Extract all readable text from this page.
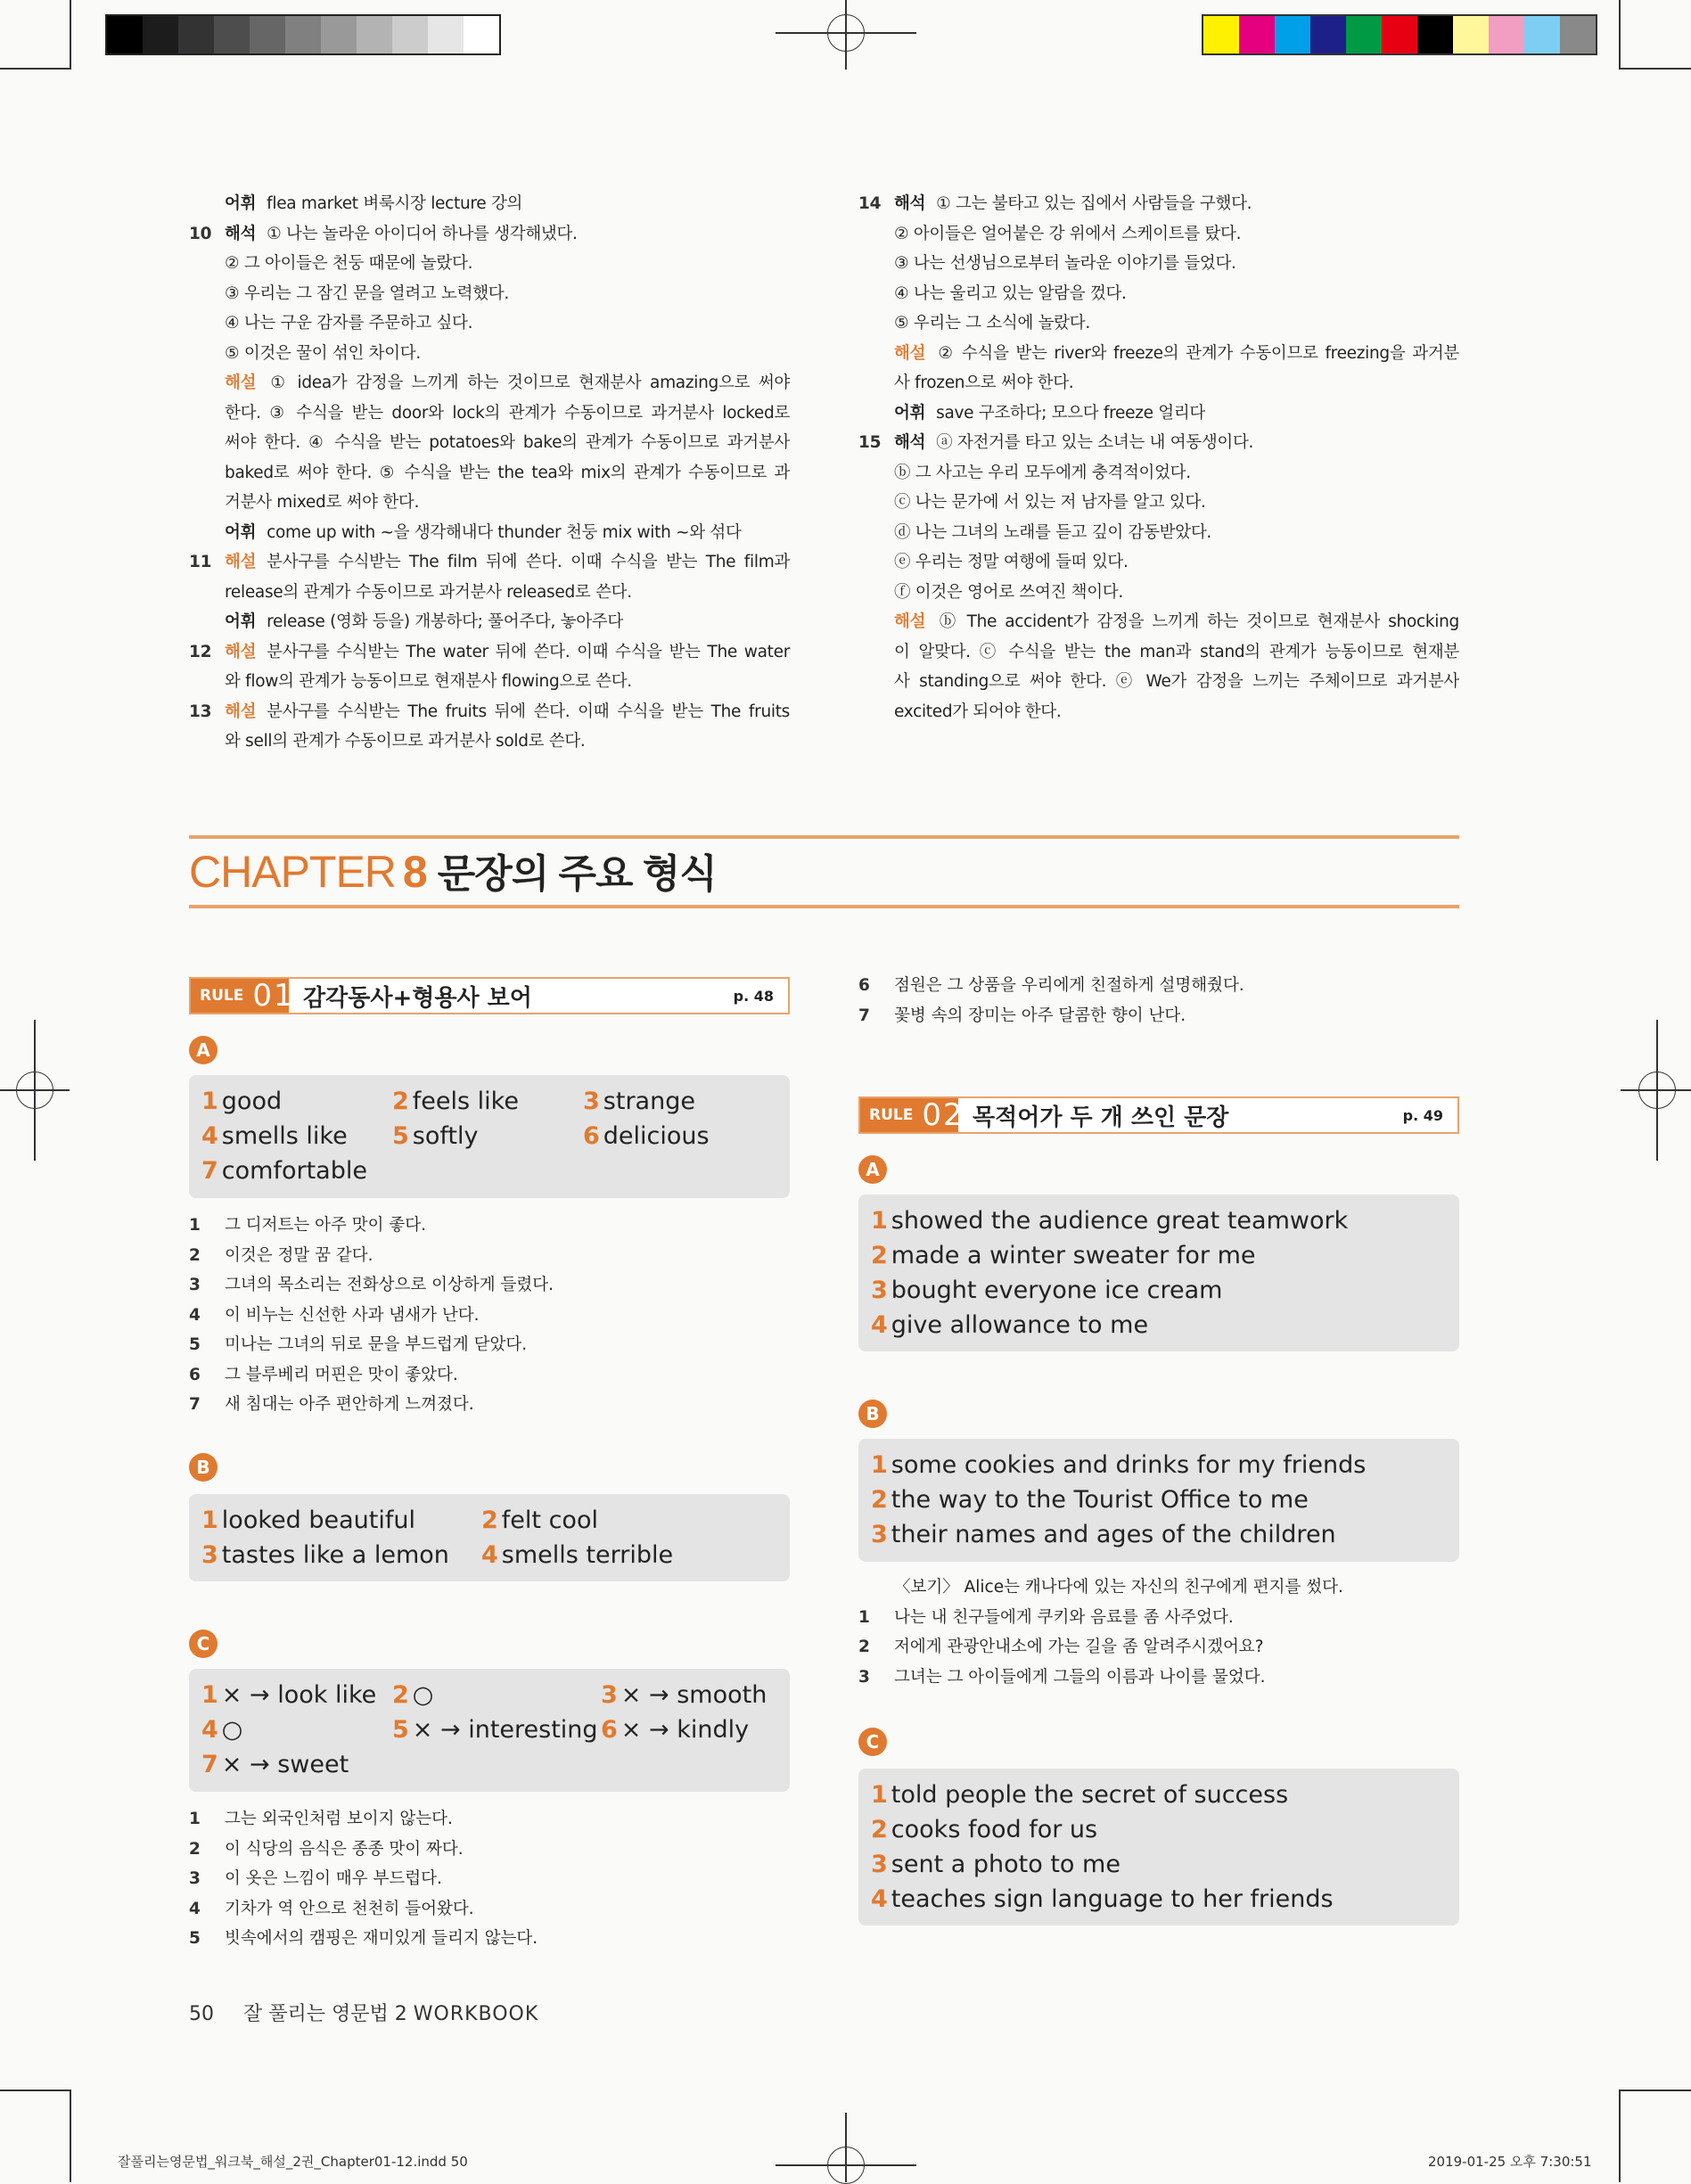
어휘 flea market 벼룩시장 lecture 강의
10 해석 ① 나는 놀라운 아이디어 하나를 생각해냈다.
② 그 아이들은 천둥 때문에 놀랐다.
③ 우리는 그 잠긴 문을 열려고 노력했다.
④ 나는 구운 감자를 주문하고 싶다.
⑤ 이것은 꿀이 섞인 차이다.
해설 ① idea가 감정을 느끼게 하는 것이므로 현재분사 amazing으로 써야
한다. ③ 수식을 받는 door와 lock의 관계가 수동이므로 과거분사 locked로
써야 한다. ④ 수식을 받는 potatoes와 bake의 관계가 수동이므로 과거분사
baked로 써야 한다. ⑤ 수식을 받는 the tea와 mix의 관계가 수동이므로 과
거분사 mixed로 써야 한다.
어휘 come up with ~을 생각해내다 thunder 천둥 mix with ~와 섞다
11 해설 분사구를 수식받는 The film 뒤에 쓴다. 이때 수식을 받는 The film과
release의 관계가 수동이므로 과거분사 released로 쓴다.
어휘 release (영화 등을) 개봉하다; 풀어주다, 놓아주다
12 해설 분사구를 수식받는 The water 뒤에 쓴다. 이때 수식을 받는 The water
와 flow의 관계가 능동이므로 현재분사 flowing으로 쓴다.
13 해설 분사구를 수식받는 The fruits 뒤에 쓴다. 이때 수식을 받는 The fruits
와 sell의 관계가 수동이므로 과거분사 sold로 쓴다.
14 해석 ① 그는 불타고 있는 집에서 사람들을 구했다.
② 아이들은 얼어붙은 강 위에서 스케이트를 탔다.
③ 나는 선생님으로부터 놀라운 이야기를 들었다.
④ 나는 울리고 있는 알람을 껐다.
⑤ 우리는 그 소식에 놀랐다.
해설 ② 수식을 받는 river와 freeze의 관계가 수동이므로 freezing을 과거분
사 frozen으로 써야 한다.
어휘 save 구조하다; 모으다 freeze 얼리다
15 해석 ⓐ 자전거를 타고 있는 소녀는 내 여동생이다.
ⓑ 그 사고는 우리 모두에게 충격적이었다.
ⓒ 나는 문가에 서 있는 저 남자를 알고 있다.
ⓓ 나는 그녀의 노래를 듣고 깊이 감동받았다.
ⓔ 우리는 정말 여행에 들떠 있다.
ⓕ 이것은 영어로 쓰여진 책이다.
해설 ⓑ The accident가 감정을 느끼게 하는 것이므로 현재분사 shocking
이 알맞다. ⓒ 수식을 받는 the man과 stand의 관계가 능동이므로 현재분
사 standing으로 써야 한다. ⓔ We가 감정을 느끼는 주체이므로 과거분사
excited가 되어야 한다.
CHAPTER 8 문장의 주요 형식
RULE 01 감각동사+형용사 보어	p. 48
A
1 good	2 feels like	3 strange
4 smells like 5 softly	6 delicious
7 comfortable
1 그 디저트는 아주 맛이 좋다.
2 이것은 정말 꿈 같다.
3 그녀의 목소리는 전화상으로 이상하게 들렸다.
4 이 비누는 신선한 사과 냄새가 난다.
5 미나는 그녀의 뒤로 문을 부드럽게 닫았다.
6 그 블루베리 머핀은 맛이 좋았다.
7 새 침대는 아주 편안하게 느껴졌다.
B
1 looked beautiful	2 felt cool
3 tastes like a lemon 4 smells terrible
C
1 × → look like 2 ○	3 × → smooth
4 ○	5 × → interesting 6 × → kindly
7 × → sweet
1 그는 외국인처럼 보이지 않는다.
2 이 식당의 음식은 종종 맛이 짜다.
3 이 옷은 느낌이 매우 부드럽다.
4 기차가 역 안으로 천천히 들어왔다.
5 빗속에서의 캠핑은 재미있게 들리지 않는다.
6 점원은 그 상품을 우리에게 친절하게 설명해줬다.
7 꽃병 속의 장미는 아주 달콤한 향이 난다.
RULE 02 목적어가 두 개 쓰인 문장	p. 49
A
1 showed the audience great teamwork
2 made a winter sweater for me
3 bought everyone ice cream
4 give allowance to me
B
1 some cookies and drinks for my friends
2 the way to the Tourist Office to me
3 their names and ages of the children
〈보기〉 Alice는 캐나다에 있는 자신의 친구에게 편지를 썼다.
1 나는 내 친구들에게 쿠키와 음료를 좀 사주었다.
2 저에게 관광안내소에 가는 길을 좀 알려주시겠어요?
3 그녀는 그 아이들에게 그들의 이름과 나이를 물었다.
C
1 told people the secret of success
2 cooks food for us
3 sent a photo to me
4 teaches sign language to her friends
50 잘 풀리는 영문법 2 WORKBOOK
잘풀리는영문법_워크북_해설_2권_Chapter01-12.indd 50	2019-01-25 오후 7:30:51
